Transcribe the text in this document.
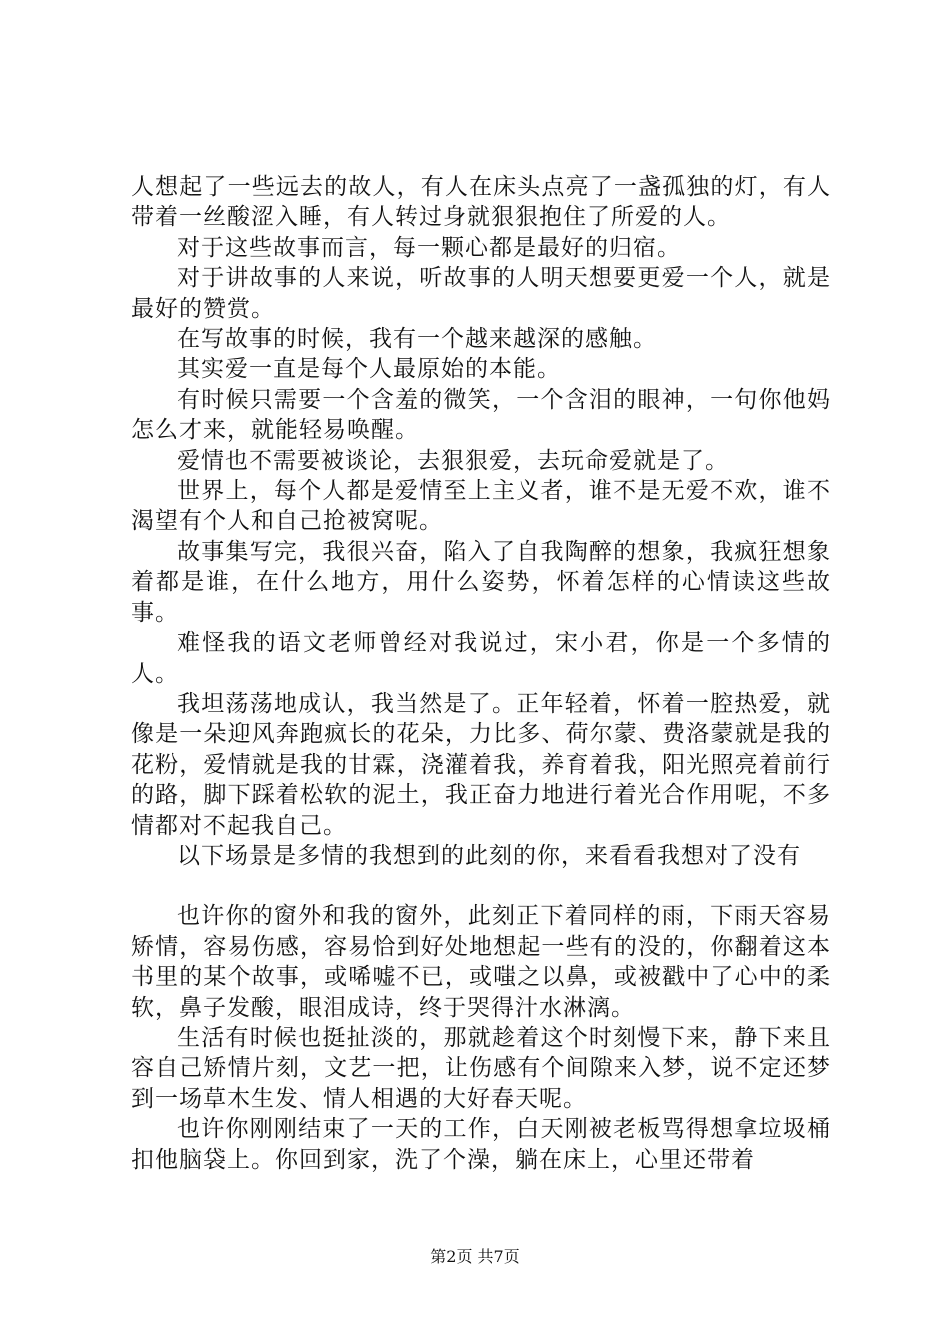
人想起了一些远去的故人，有人在床头点亮了一盏孤独的灯，有人带着一丝酸涩入睡，有人转过身就狠狠抱住了所爱的人。

对于这些故事而言，每一颗心都是最好的归宿。

对于讲故事的人来说，听故事的人明天想要更爱一个人，就是最好的赞赏。

在写故事的时候，我有一个越来越深的感触。

其实爱一直是每个人最原始的本能。

有时候只需要一个含羞的微笑，一个含泪的眼神，一句你他妈怎么才来，就能轻易唤醒。

爱情也不需要被谈论，去狠狠爱，去玩命爱就是了。

世界上，每个人都是爱情至上主义者，谁不是无爱不欢，谁不渴望有个人和自己抢被窝呢。

故事集写完，我很兴奋，陷入了自我陶醉的想象，我疯狂想象着都是谁，在什么地方，用什么姿势，怀着怎样的心情读这些故事。

难怪我的语文老师曾经对我说过，宋小君，你是一个多情的人。

我坦荡荡地成认，我当然是了。正年轻着，怀着一腔热爱，就像是一朵迎风奔跑疯长的花朵，力比多、荷尔蒙、费洛蒙就是我的花粉，爱情就是我的甘霖，浇灌着我，养育着我，阳光照亮着前行的路，脚下踩着松软的泥土，我正奋力地进行着光合作用呢，不多情都对不起我自己。

以下场景是多情的我想到的此刻的你，来看看我想对了没有

也许你的窗外和我的窗外，此刻正下着同样的雨，下雨天容易矫情，容易伤感，容易恰到好处地想起一些有的没的，你翻着这本书里的某个故事，或唏嘘不已，或嗤之以鼻，或被戳中了心中的柔软，鼻子发酸，眼泪成诗，终于哭得汁水淋漓。

生活有时候也挺扯淡的，那就趁着这个时刻慢下来，静下来且容自己矫情片刻，文艺一把，让伤感有个间隙来入梦，说不定还梦到一场草木生发、情人相遇的大好春天呢。

也许你刚刚结束了一天的工作，白天刚被老板骂得想拿垃圾桶扣他脑袋上。你回到家，洗了个澡，躺在床上，心里还带着

第2页 共7页
